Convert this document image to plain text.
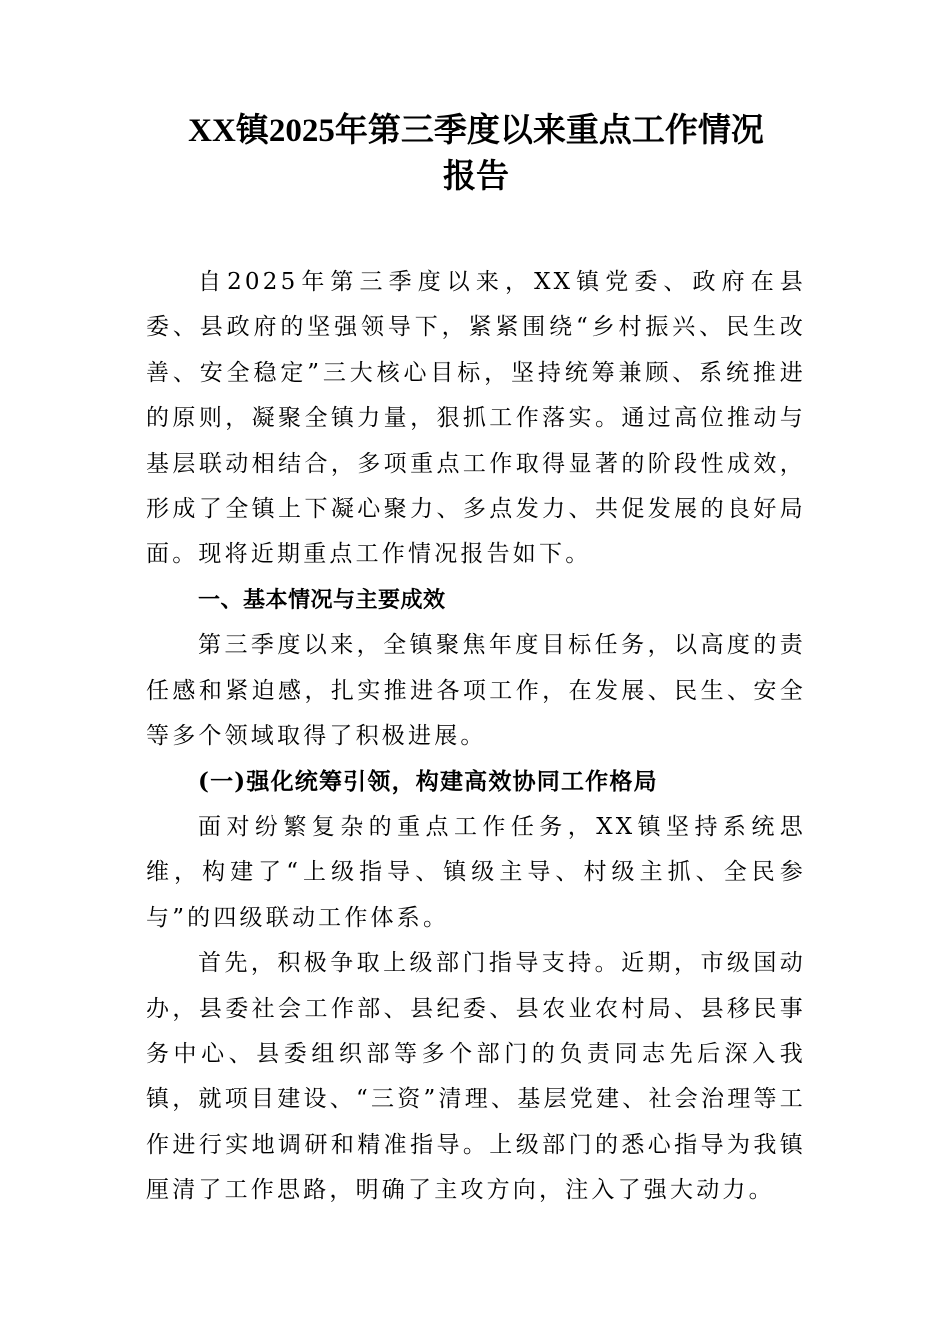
XX镇2025年第三季度以来重点工作情况
报告

自2025年第三季度以来，XX镇党委、政府在县委、县政府的坚强领导下，紧紧围绕“乡村振兴、民生改善、安全稳定”三大核心目标，坚持统筹兼顾、系统推进的原则，凝聚全镇力量，狠抓工作落实。通过高位推动与基层联动相结合，多项重点工作取得显著的阶段性成效，形成了全镇上下凝心聚力、多点发力、共促发展的良好局面。现将近期重点工作情况报告如下。

一、基本情况与主要成效

第三季度以来，全镇聚焦年度目标任务，以高度的责任感和紧迫感，扎实推进各项工作，在发展、民生、安全等多个领域取得了积极进展。

(一)强化统筹引领，构建高效协同工作格局

面对纷繁复杂的重点工作任务，XX镇坚持系统思维，构建了“上级指导、镇级主导、村级主抓、全民参与”的四级联动工作体系。

首先，积极争取上级部门指导支持。近期，市级国动办，县委社会工作部、县纪委、县农业农村局、县移民事务中心、县委组织部等多个部门的负责同志先后深入我镇，就项目建设、“三资”清理、基层党建、社会治理等工作进行实地调研和精准指导。上级部门的悉心指导为我镇厘清了工作思路，明确了主攻方向，注入了强大动力。
